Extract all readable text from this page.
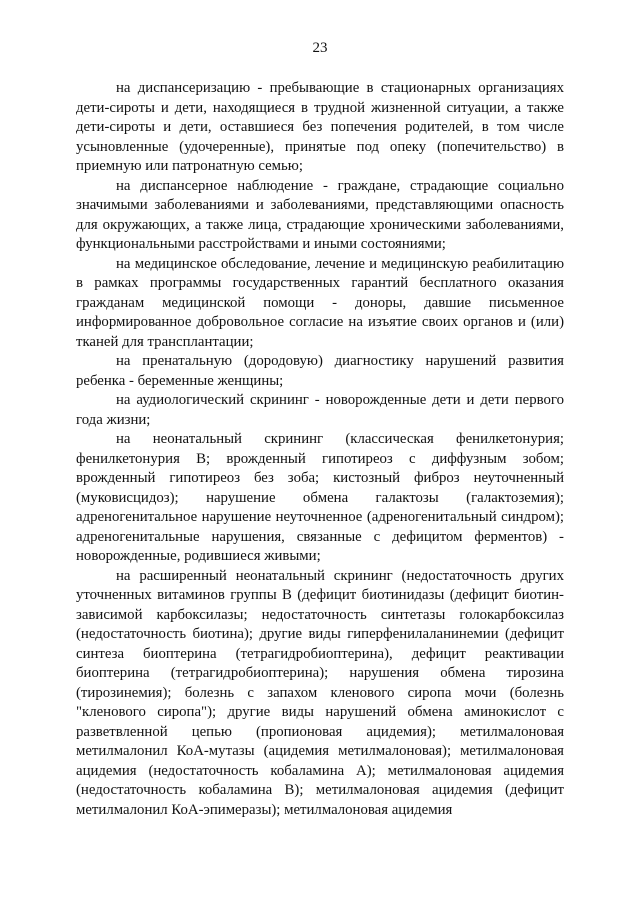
23

на диспансеризацию - пребывающие в стационарных организациях дети-сироты и дети, находящиеся в трудной жизненной ситуации, а также дети-сироты и дети, оставшиеся без попечения родителей, в том числе усыновленные (удочеренные), принятые под опеку (попечительство) в приемную или патронатную семью;

на диспансерное наблюдение - граждане, страдающие социально значимыми заболеваниями и заболеваниями, представляющими опасность для окружающих, а также лица, страдающие хроническими заболеваниями, функциональными расстройствами и иными состояниями;

на медицинское обследование, лечение и медицинскую реабилитацию в рамках программы государственных гарантий бесплатного оказания гражданам медицинской помощи - доноры, давшие письменное информированное добровольное согласие на изъятие своих органов и (или) тканей для трансплантации;

на пренатальную (дородовую) диагностику нарушений развития ребенка - беременные женщины;

на аудиологический скрининг - новорожденные дети и дети первого года жизни;

на неонатальный скрининг (классическая фенилкетонурия; фенилкетонурия В; врожденный гипотиреоз с диффузным зобом; врожденный гипотиреоз без зоба; кистозный фиброз неуточненный (муковисцидоз); нарушение обмена галактозы (галактоземия); адреногенитальное нарушение неуточненное (адреногенитальный синдром); адреногенитальные нарушения, связанные с дефицитом ферментов) - новорожденные, родившиеся живыми;

на расширенный неонатальный скрининг (недостаточность других уточненных витаминов группы В (дефицит биотинидазы (дефицит биотин-зависимой карбоксилазы; недостаточность синтетазы голокарбоксилаз (недостаточность биотина); другие виды гиперфенилаланинемии (дефицит синтеза биоптерина (тетрагидробиоптерина), дефицит реактивации биоптерина (тетрагидробиоптерина); нарушения обмена тирозина (тирозинемия); болезнь с запахом кленового сиропа мочи (болезнь "кленового сиропа"); другие виды нарушений обмена аминокислот с разветвленной цепью (пропионовая ацидемия); метилмалоновая метилмалонил КоА-мутазы (ацидемия метилмалоновая); метилмалоновая ацидемия (недостаточность кобаламина А); метилмалоновая ацидемия (недостаточность кобаламина В); метилмалоновая ацидемия (дефицит метилмалонил КоА-эпимеразы); метилмалоновая ацидемия
